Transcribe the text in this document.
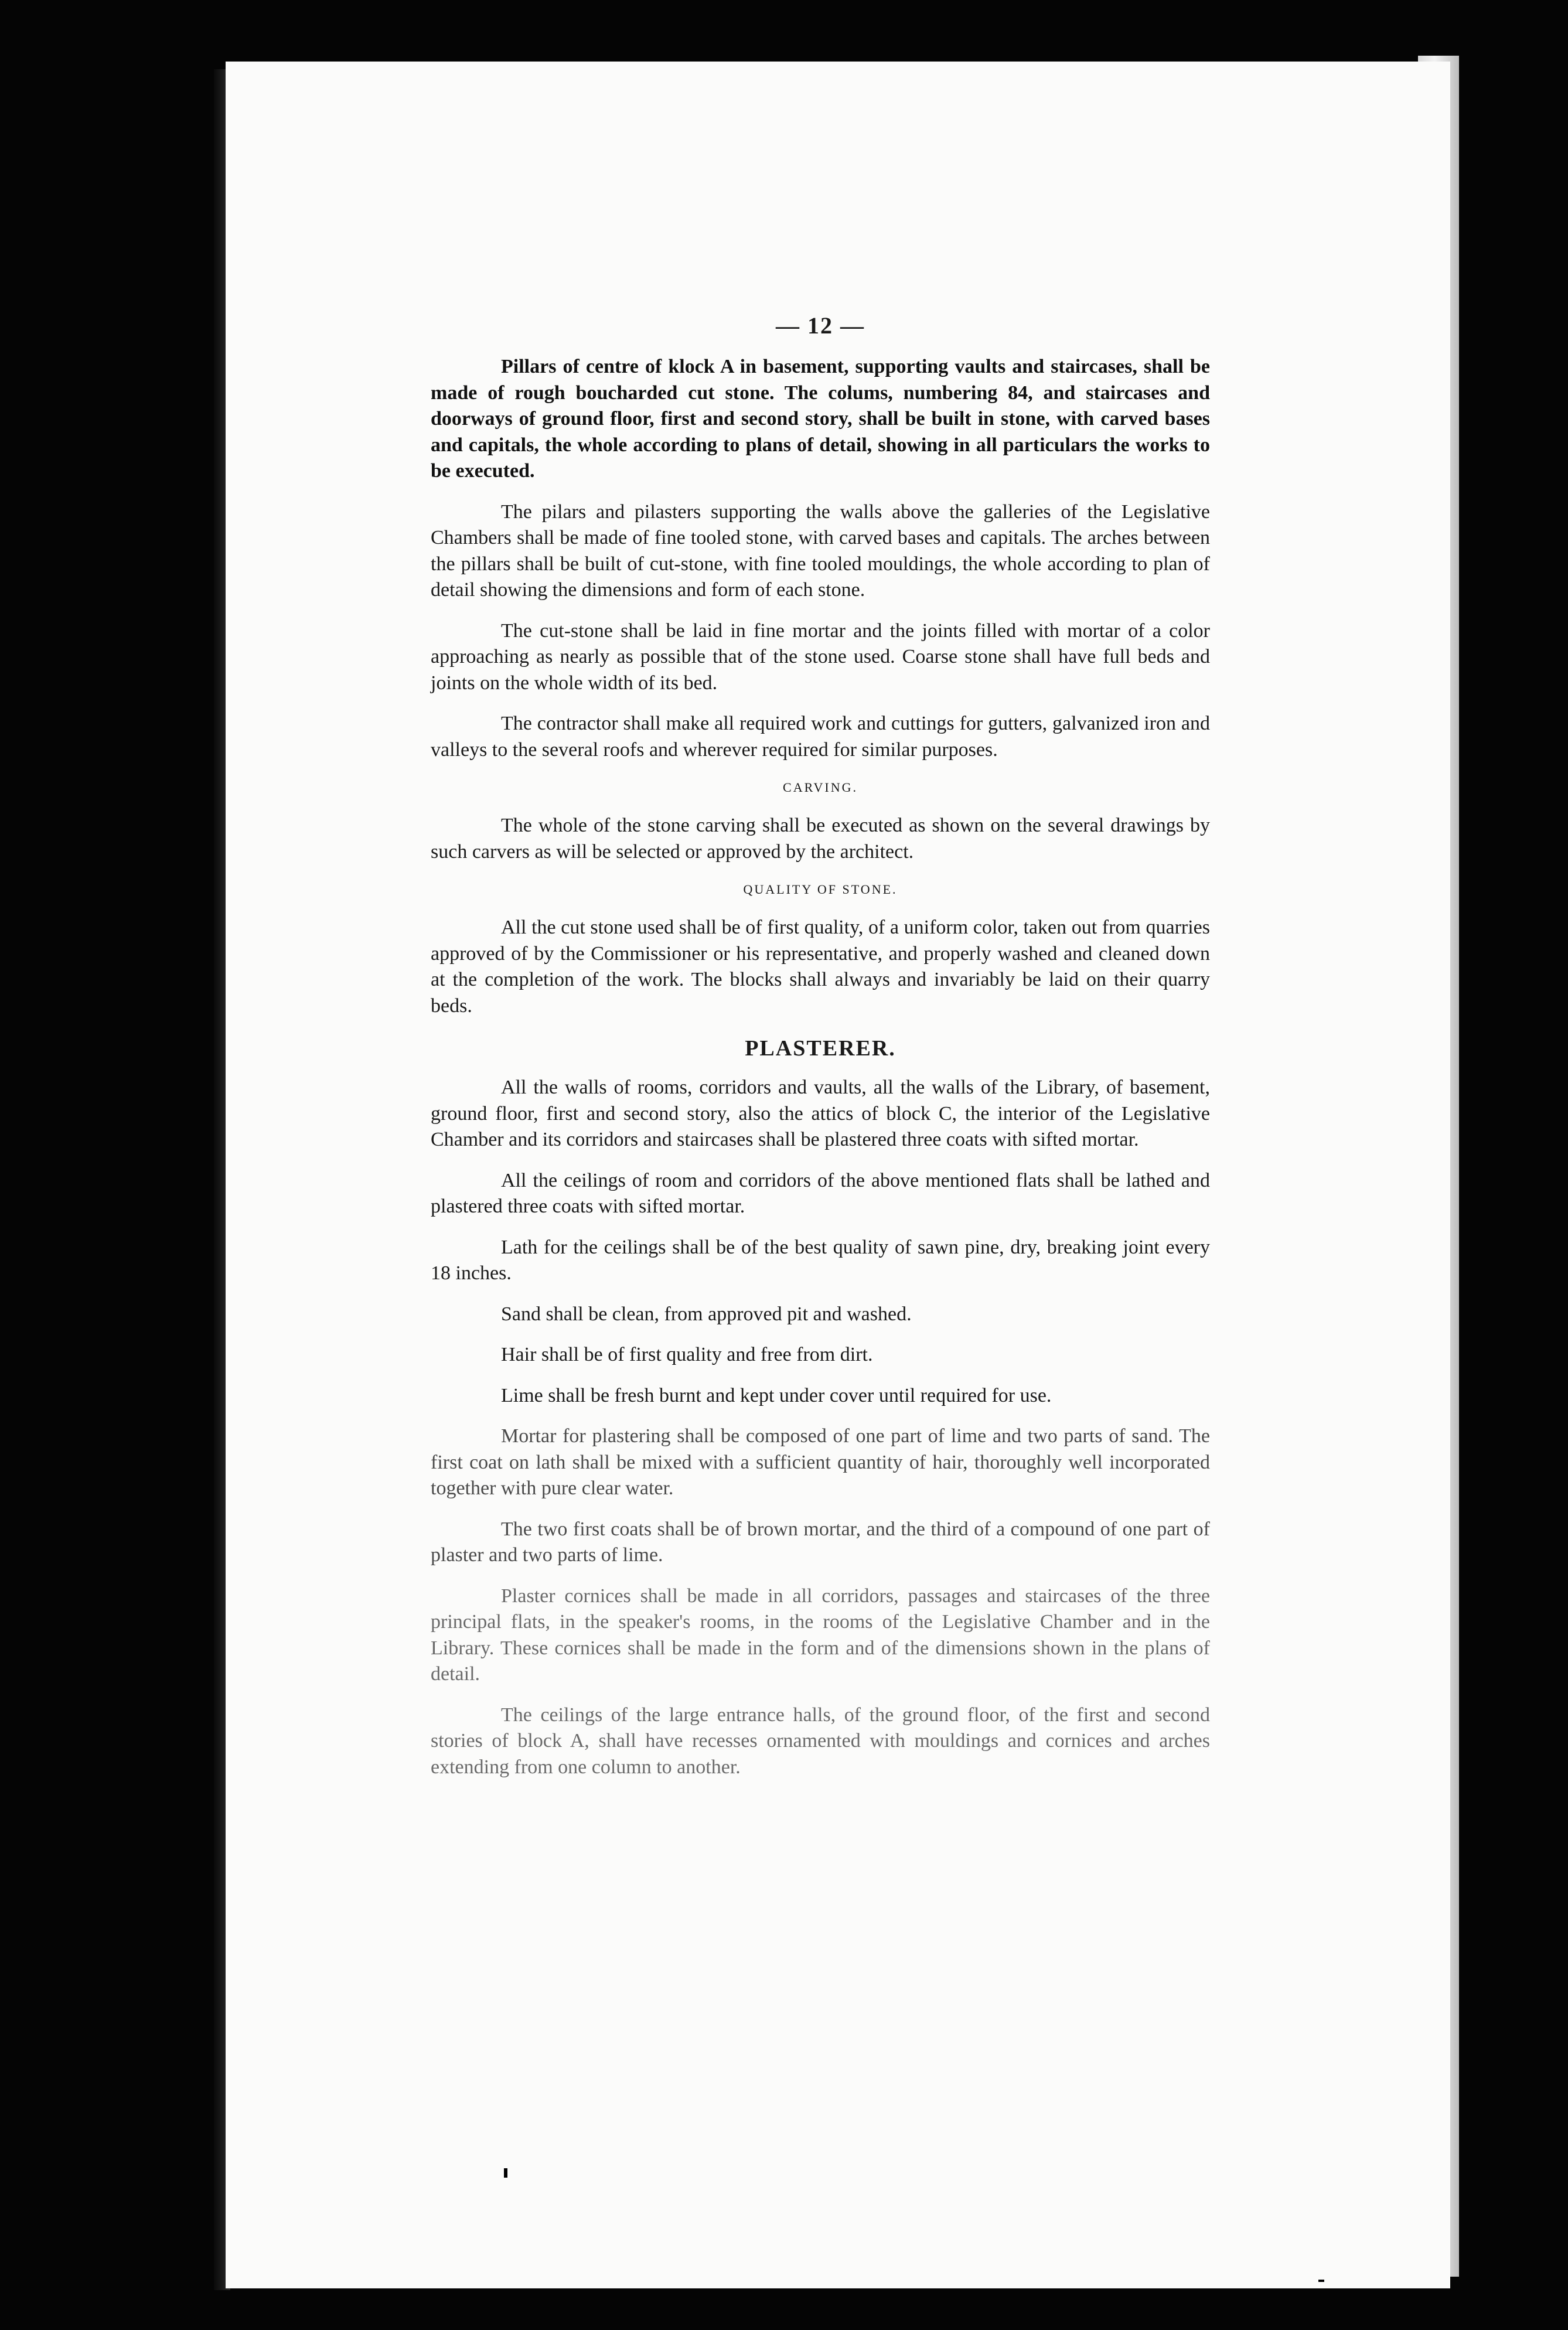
— 12 —

Pillars of centre of klock A in basement, supporting vaults and staircases, shall be made of rough boucharded cut stone. The colums, numbering 84, and staircases and doorways of ground floor, first and second story, shall be built in stone, with carved bases and capitals, the whole according to plans of detail, showing in all particulars the works to be executed.

The pilars and pilasters supporting the walls above the galleries of the Legislative Chambers shall be made of fine tooled stone, with carved bases and capitals. The arches between the pillars shall be built of cut-stone, with fine tooled mouldings, the whole according to plan of detail showing the dimensions and form of each stone.

The cut-stone shall be laid in fine mortar and the joints filled with mortar of a color approaching as nearly as possible that of the stone used. Coarse stone shall have full beds and joints on the whole width of its bed.

The contractor shall make all required work and cuttings for gutters, galvanized iron and valleys to the several roofs and wherever required for similar purposes.

CARVING.

The whole of the stone carving shall be executed as shown on the several drawings by such carvers as will be selected or approved by the architect.

QUALITY OF STONE.

All the cut stone used shall be of first quality, of a uniform color, taken out from quarries approved of by the Commissioner or his representative, and properly washed and cleaned down at the completion of the work. The blocks shall always and invariably be laid on their quarry beds.

PLASTERER.

All the walls of rooms, corridors and vaults, all the walls of the Library, of basement, ground floor, first and second story, also the attics of block C, the interior of the Legislative Chamber and its corridors and staircases shall be plastered three coats with sifted mortar.

All the ceilings of room and corridors of the above mentioned flats shall be lathed and plastered three coats with sifted mortar.

Lath for the ceilings shall be of the best quality of sawn pine, dry, breaking joint every 18 inches.

Sand shall be clean, from approved pit and washed.

Hair shall be of first quality and free from dirt.

Lime shall be fresh burnt and kept under cover until required for use.

Mortar for plastering shall be composed of one part of lime and two parts of sand. The first coat on lath shall be mixed with a sufficient quantity of hair, thoroughly well incorporated together with pure clear water.

The two first coats shall be of brown mortar, and the third of a compound of one part of plaster and two parts of lime.

Plaster cornices shall be made in all corridors, passages and staircases of the three principal flats, in the speaker's rooms, in the rooms of the Legislative Chamber and in the Library. These cornices shall be made in the form and of the dimensions shown in the plans of detail.

The ceilings of the large entrance halls, of the ground floor, of the first and second stories of block A, shall have recesses ornamented with mouldings and cornices and arches extending from one column to another.
